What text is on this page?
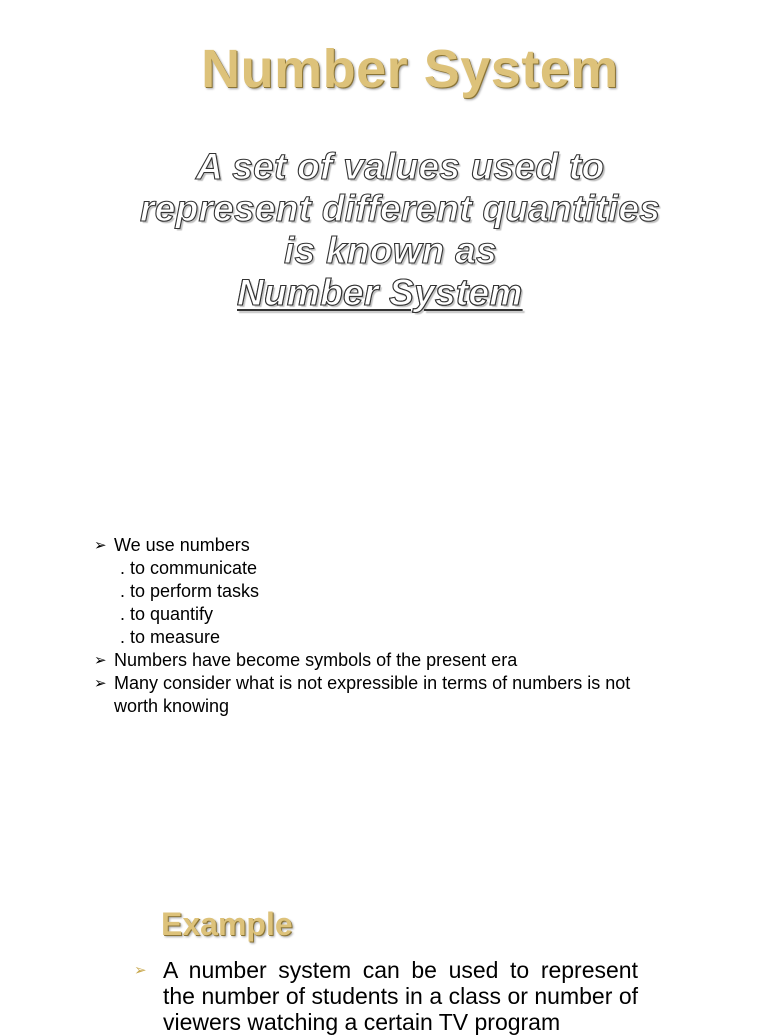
Number System
A set of values used to
represent different quantities
is known as
Number System
➢ We use numbers
. to communicate
. to perform tasks
. to quantify
. to measure
➢ Numbers have become symbols of the present era
➢ Many consider what is not expressible in terms of numbers is not worth knowing
Example
➢ A number system can be used to represent the number of students in a class or number of viewers watching a certain TV program
